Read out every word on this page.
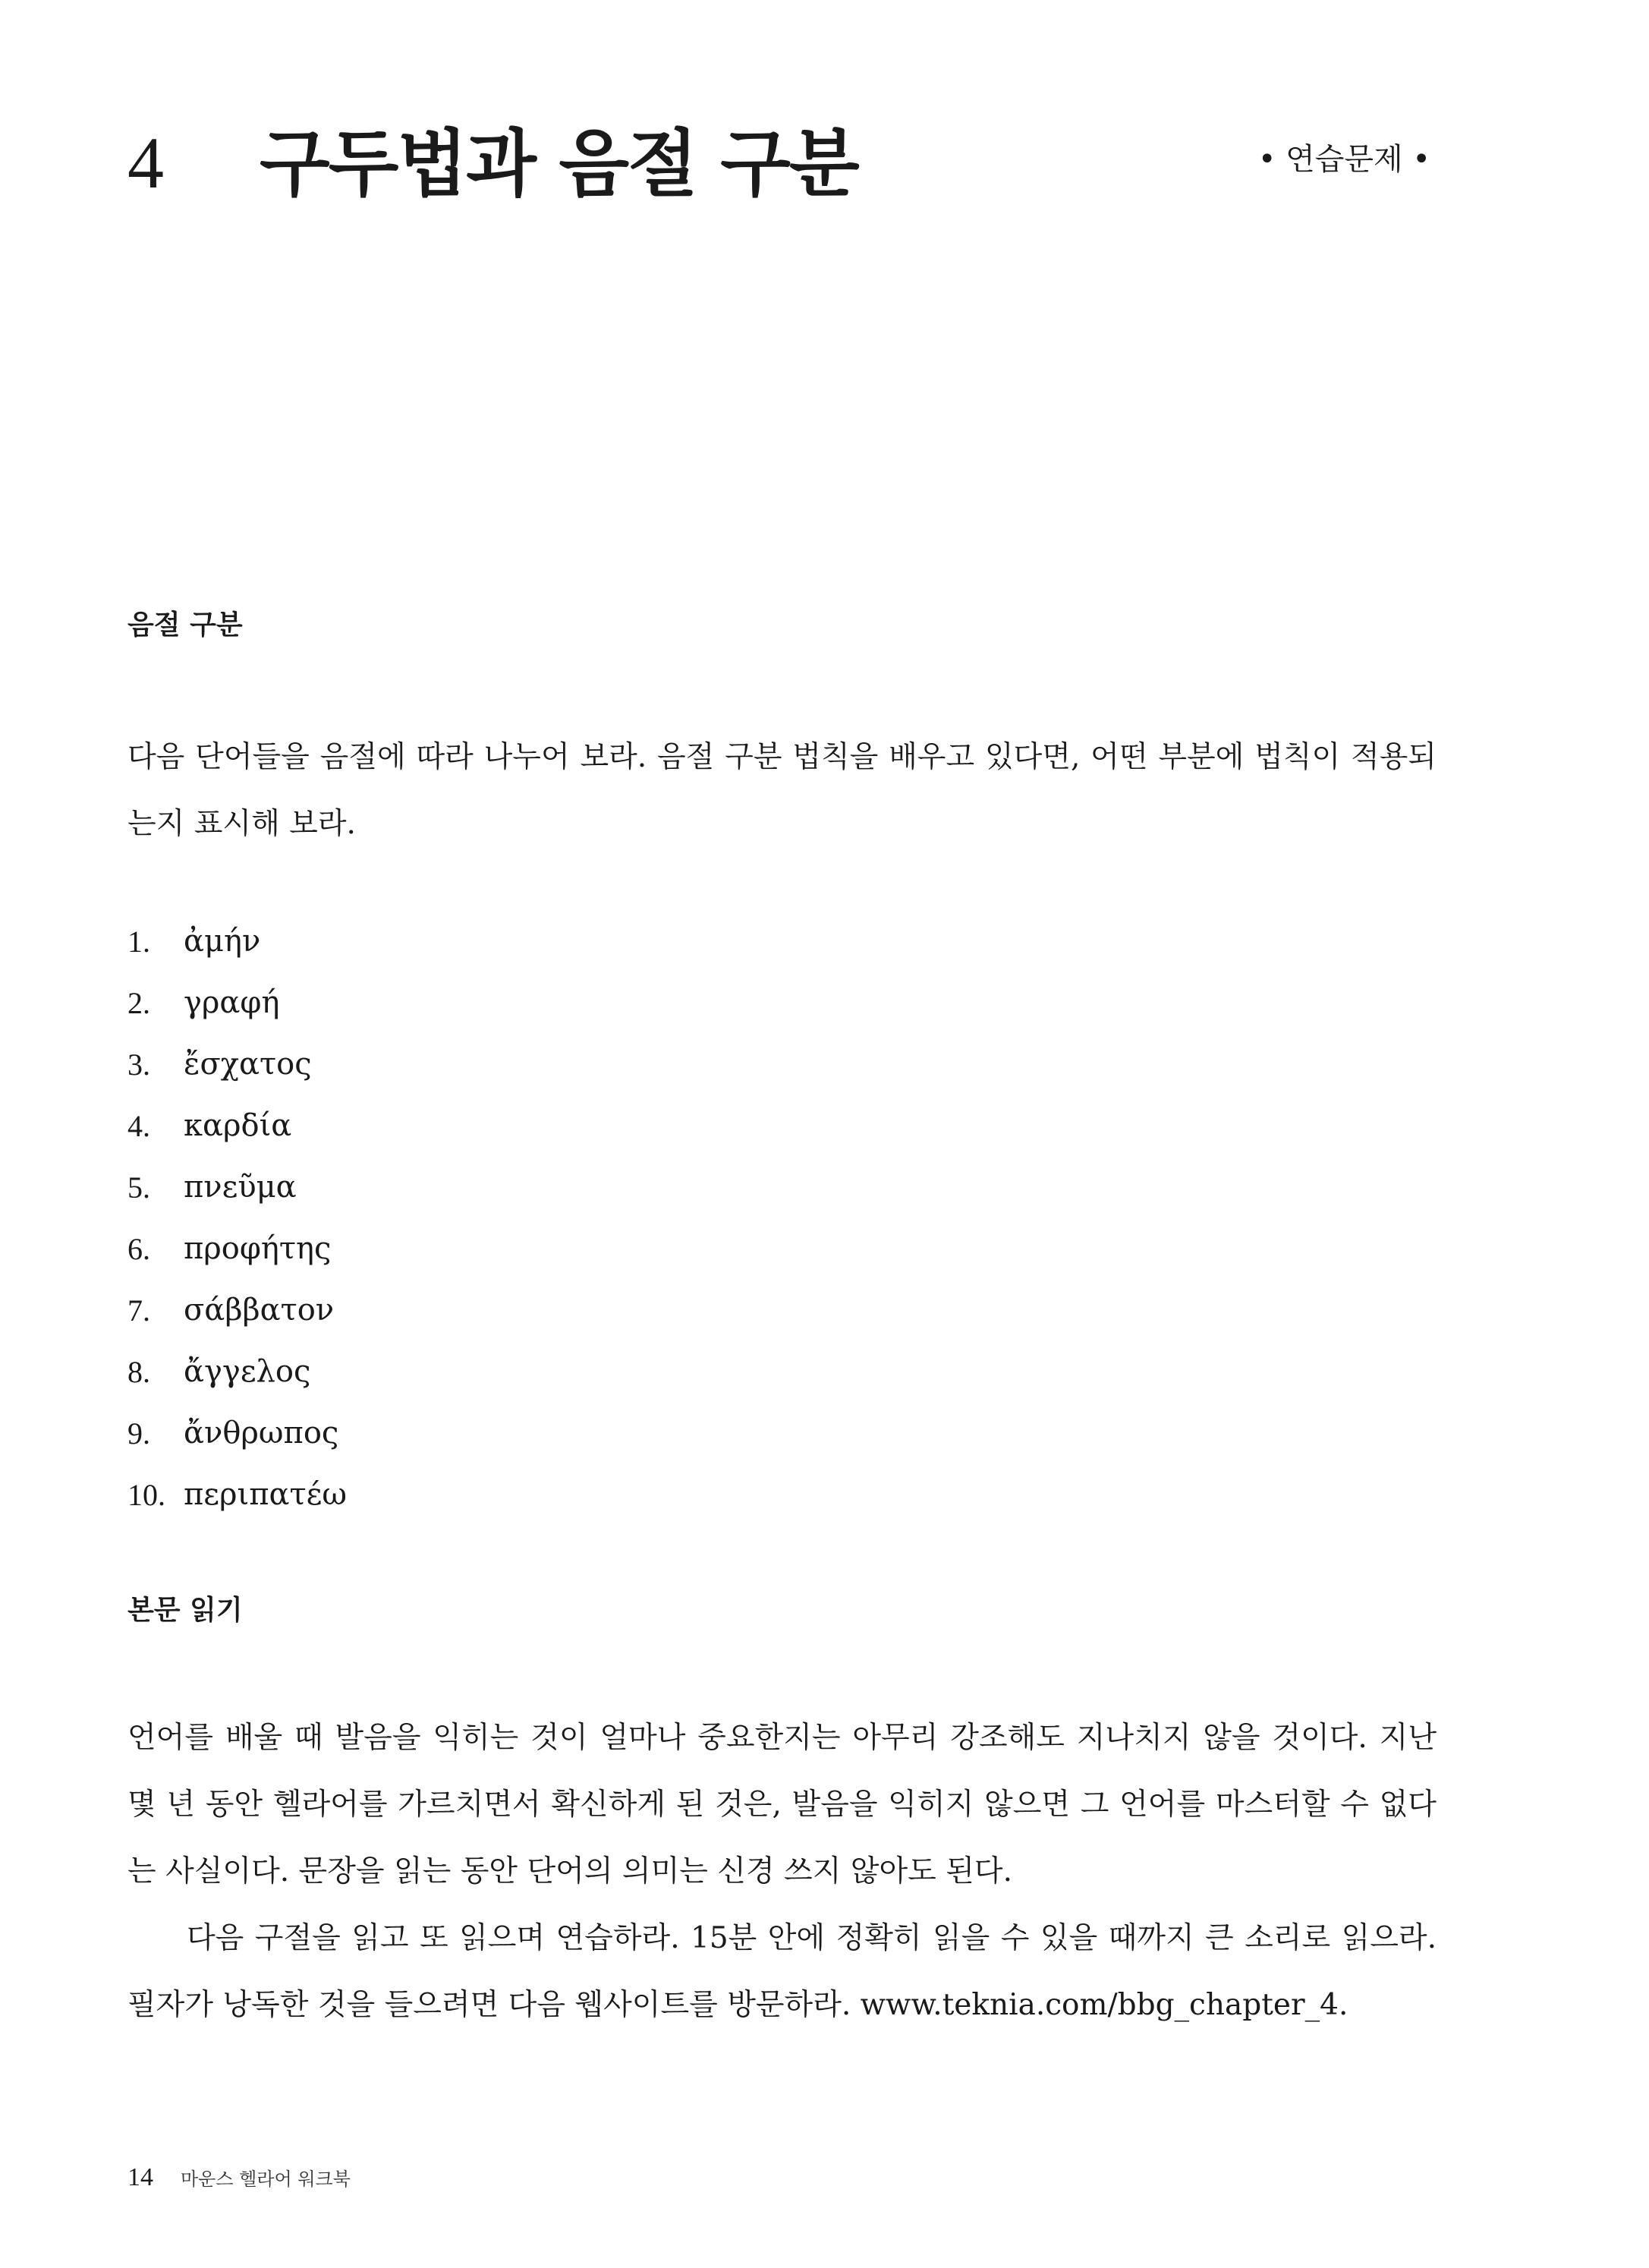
4 구두법과 음절 구분	• 연습문제 •
음절 구분

다음 단어들을 음절에 따라 나누어 보라. 음절 구분 법칙을 배우고 있다면, 어떤 부분에 법칙이 적용되는지 표시해 보라.

1.	ἀμήν
2.	γραφή
3.	ἔσχατος
4.	καρδία
5.	πνεῦμα
6.	προφήτης
7.	σάββατον
8.	ἄγγελος
9.	ἄνθρωπος
10. περιπατέω
본문 읽기

언어를 배울 때 발음을 익히는 것이 얼마나 중요한지는 아무리 강조해도 지나치지 않을 것이다. 지난 몇 년 동안 헬라어를 가르치면서 확신하게 된 것은, 발음을 익히지 않으면 그 언어를 마스터할 수 없다는 사실이다. 문장을 읽는 동안 단어의 의미는 신경 쓰지 않아도 된다.

다음 구절을 읽고 또 읽으며 연습하라. 15분 안에 정확히 읽을 수 있을 때까지 큰 소리로 읽으라. 필자가 낭독한 것을 들으려면 다음 웹사이트를 방문하라. www.teknia.com/bbg_chapter_4.

14 마운스 헬라어 워크북
